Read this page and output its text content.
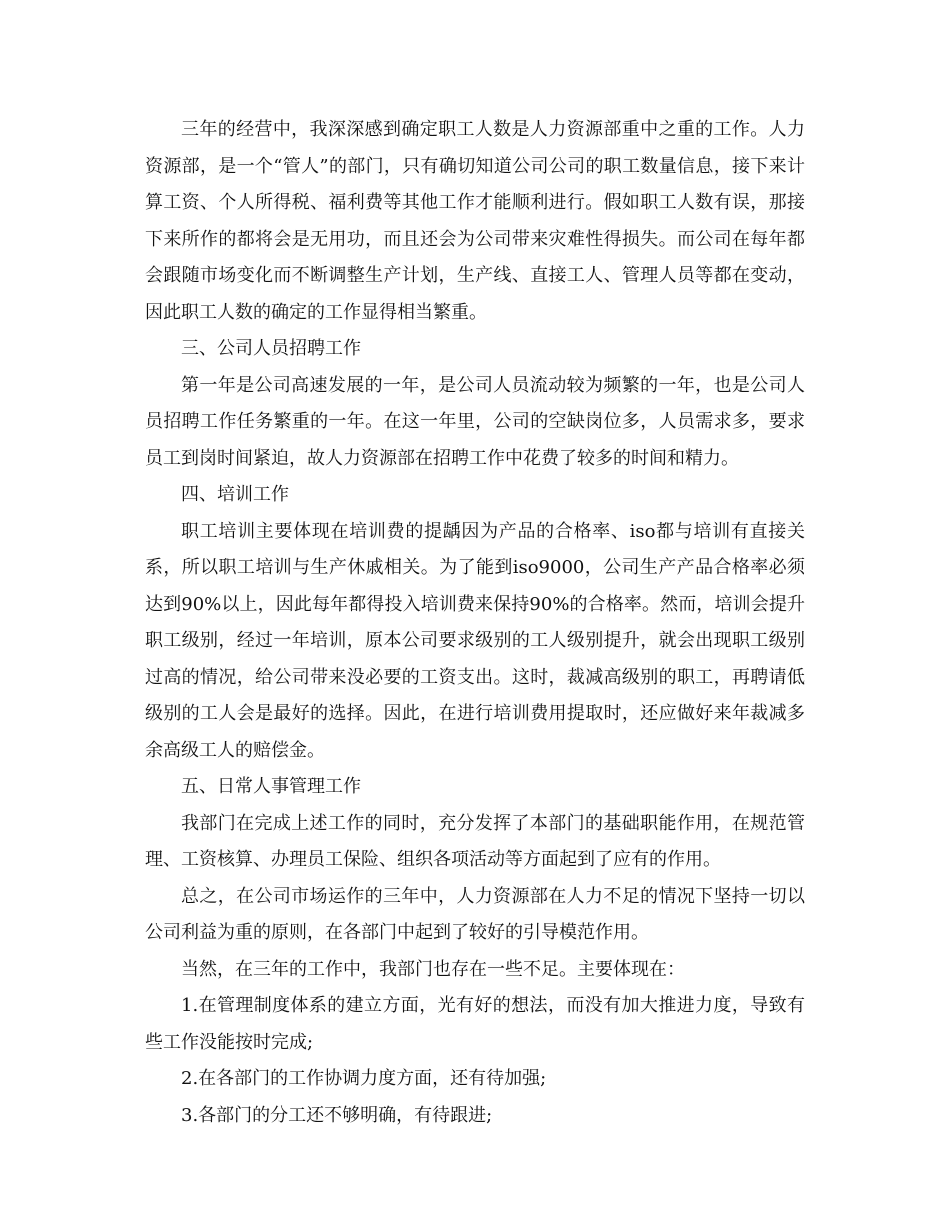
三年的经营中，我深深感到确定职工人数是人力资源部重中之重的工作。人力资源部，是一个“管人”的部门，只有确切知道公司公司的职工数量信息，接下来计算工资、个人所得税、福利费等其他工作才能顺利进行。假如职工人数有误，那接下来所作的都将会是无用功，而且还会为公司带来灾难性得损失。而公司在每年都会跟随市场变化而不断调整生产计划，生产线、直接工人、管理人员等都在变动，因此职工人数的确定的工作显得相当繁重。

三、公司人员招聘工作

第一年是公司高速发展的一年，是公司人员流动较为频繁的一年，也是公司人员招聘工作任务繁重的一年。在这一年里，公司的空缺岗位多，人员需求多，要求员工到岗时间紧迫，故人力资源部在招聘工作中花费了较多的时间和精力。

四、培训工作

职工培训主要体现在培训费的提龋因为产品的合格率、iso都与培训有直接关系，所以职工培训与生产休戚相关。为了能到iso9000，公司生产产品合格率必须达到90%以上，因此每年都得投入培训费来保持90%的合格率。然而，培训会提升职工级别，经过一年培训，原本公司要求级别的工人级别提升，就会出现职工级别过高的情况，给公司带来没必要的工资支出。这时，裁减高级别的职工，再聘请低级别的工人会是最好的选择。因此，在进行培训费用提取时，还应做好来年裁减多余高级工人的赔偿金。

五、日常人事管理工作

我部门在完成上述工作的同时，充分发挥了本部门的基础职能作用，在规范管理、工资核算、办理员工保险、组织各项活动等方面起到了应有的作用。

总之，在公司市场运作的三年中，人力资源部在人力不足的情况下坚持一切以公司利益为重的原则，在各部门中起到了较好的引导模范作用。

当然，在三年的工作中，我部门也存在一些不足。主要体现在：

1.在管理制度体系的建立方面，光有好的想法，而没有加大推进力度，导致有些工作没能按时完成;

2.在各部门的工作协调力度方面，还有待加强;

3.各部门的分工还不够明确，有待跟进;
